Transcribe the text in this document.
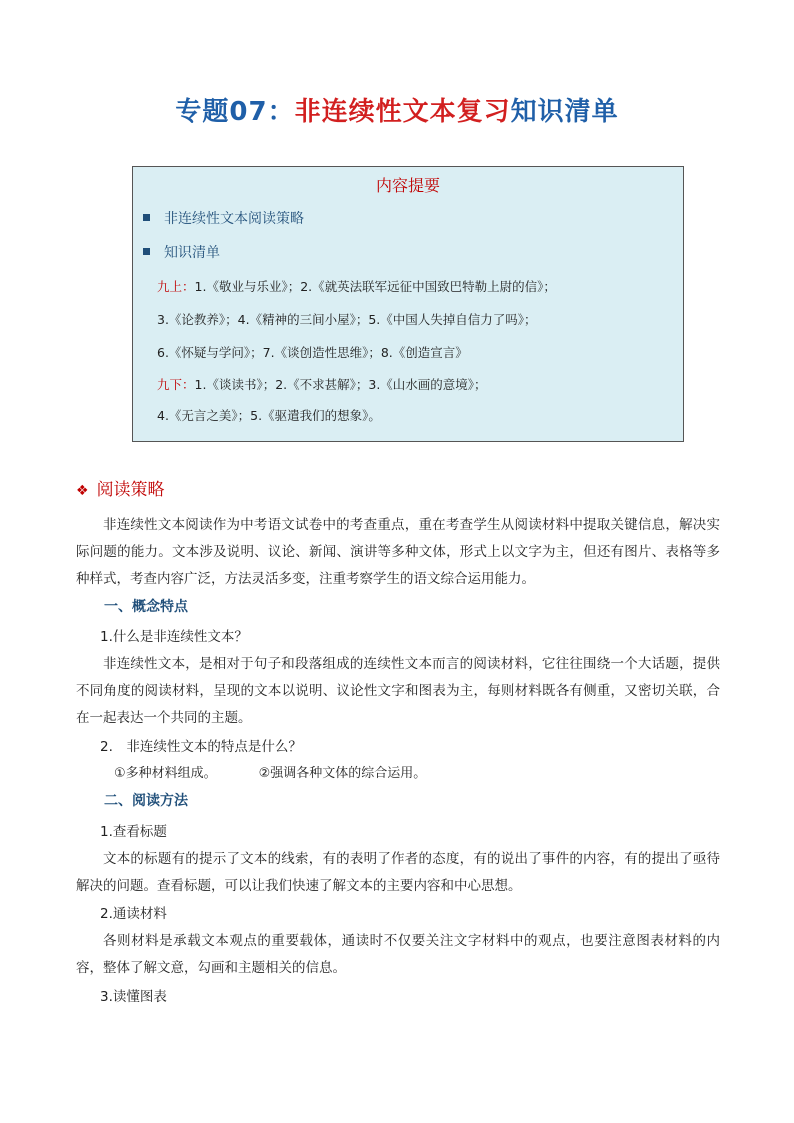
专题07：非连续性文本复习知识清单
内容提要
非连续性文本阅读策略
知识清单
九上：1.《敬业与乐业》；2.《就英法联军远征中国致巴特勒上尉的信》；
3.《论教养》；4.《精神的三间小屋》；5.《中国人失掉自信力了吗》；
6.《怀疑与学问》；7.《谈创造性思维》；8.《创造宣言》
九下：1.《谈读书》；2.《不求甚解》；3.《山水画的意境》；
4.《无言之美》；5.《驱遣我们的想象》。
❖ 阅读策略
非连续性文本阅读作为中考语文试卷中的考查重点，重在考查学生从阅读材料中提取关键信息，解决实际问题的能力。文本涉及说明、议论、新闻、演讲等多种文体，形式上以文字为主，但还有图片、表格等多种样式，考查内容广泛，方法灵活多变，注重考察学生的语文综合运用能力。
一、概念特点
1.什么是非连续性文本？
非连续性文本，是相对于句子和段落组成的连续性文本而言的阅读材料，它往往围绕一个大话题，提供不同角度的阅读材料，呈现的文本以说明、议论性文字和图表为主，每则材料既各有侧重，又密切关联，合在一起表达一个共同的主题。
2.　非连续性文本的特点是什么？
①多种材料组成。	②强调各种文体的综合运用。
二、阅读方法
1.查看标题
文本的标题有的提示了文本的线索，有的表明了作者的态度，有的说出了事件的内容，有的提出了亟待解决的问题。查看标题，可以让我们快速了解文本的主要内容和中心思想。
2.通读材料
各则材料是承载文本观点的重要载体，通读时不仅要关注文字材料中的观点，也要注意图表材料的内容，整体了解文意，勾画和主题相关的信息。
3.读懂图表
